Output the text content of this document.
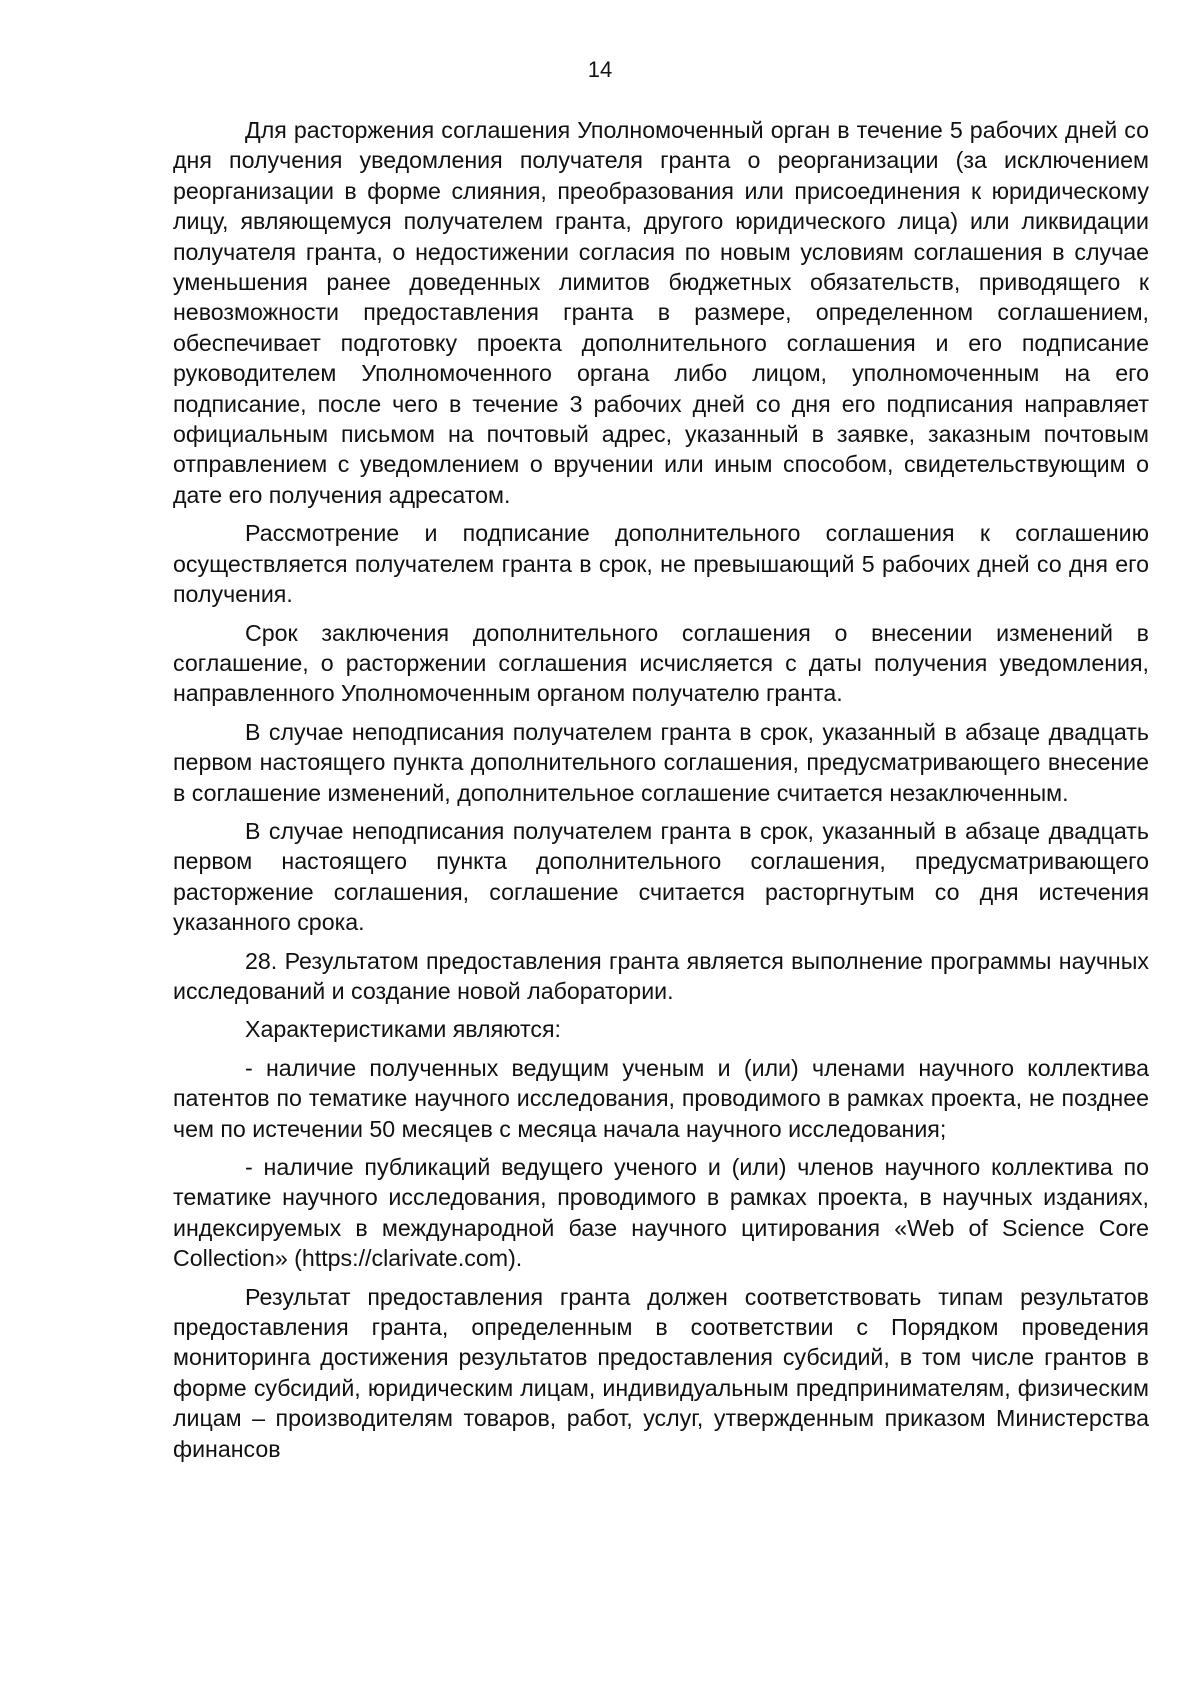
14

Для расторжения соглашения Уполномоченный орган в течение 5 рабочих дней со дня получения уведомления получателя гранта о реорганизации (за исключением реорганизации в форме слияния, преобразования или присоединения к юридическому лицу, являющемуся получателем гранта, другого юридического лица) или ликвидации получателя гранта, о недостижении согласия по новым условиям соглашения в случае уменьшения ранее доведенных лимитов бюджетных обязательств, приводящего к невозможности предоставления гранта в размере, определенном соглашением, обеспечивает подготовку проекта дополнительного соглашения и его подписание руководителем Уполномоченного органа либо лицом, уполномоченным на его подписание, после чего в течение 3 рабочих дней со дня его подписания направляет официальным письмом на почтовый адрес, указанный в заявке, заказным почтовым отправлением с уведомлением о вручении или иным способом, свидетельствующим о дате его получения адресатом.

Рассмотрение и подписание дополнительного соглашения к соглашению осуществляется получателем гранта в срок, не превышающий 5 рабочих дней со дня его получения.

Срок заключения дополнительного соглашения о внесении изменений в соглашение, о расторжении соглашения исчисляется с даты получения уведомления, направленного Уполномоченным органом получателю гранта.

В случае неподписания получателем гранта в срок, указанный в абзаце двадцать первом настоящего пункта дополнительного соглашения, предусматривающего внесение в соглашение изменений, дополнительное соглашение считается незаключенным.

В случае неподписания получателем гранта в срок, указанный в абзаце двадцать первом настоящего пункта дополнительного соглашения, предусматривающего расторжение соглашения, соглашение считается расторгнутым со дня истечения указанного срока.

28. Результатом предоставления гранта является выполнение программы научных исследований и создание новой лаборатории.

Характеристиками являются:

- наличие полученных ведущим ученым и (или) членами научного коллектива патентов по тематике научного исследования, проводимого в рамках проекта, не позднее чем по истечении 50 месяцев с месяца начала научного исследования;

- наличие публикаций ведущего ученого и (или) членов научного коллектива по тематике научного исследования, проводимого в рамках проекта, в научных изданиях, индексируемых в международной базе научного цитирования «Web of Science Core Collection» (https://clarivate.com).

Результат предоставления гранта должен соответствовать типам результатов предоставления гранта, определенным в соответствии с Порядком проведения мониторинга достижения результатов предоставления субсидий, в том числе грантов в форме субсидий, юридическим лицам, индивидуальным предпринимателям, физическим лицам – производителям товаров, работ, услуг, утвержденным приказом Министерства финансов
